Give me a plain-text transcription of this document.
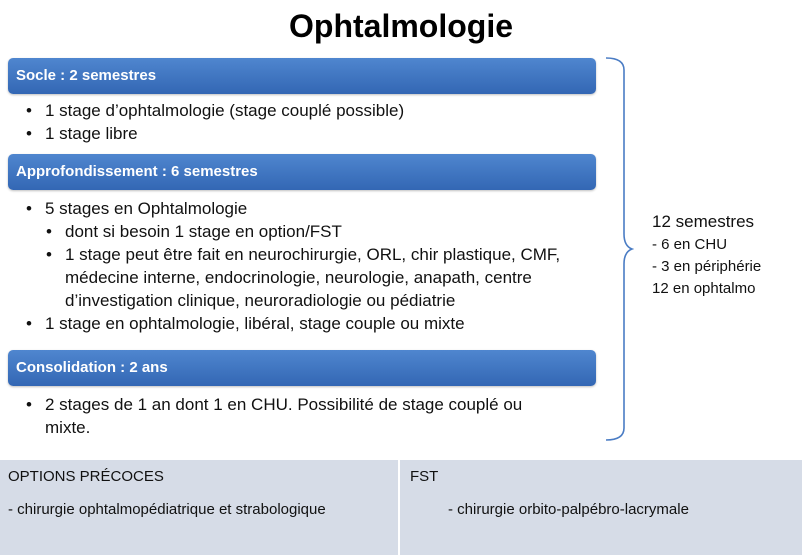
Ophtalmologie
Socle : 2 semestres
• 1 stage d’ophtalmologie (stage couplé possible)
• 1 stage libre
Approfondissement : 6 semestres
• 5 stages en Ophtalmologie
• dont si besoin 1 stage en option/FST
• 1 stage peut être fait en neurochirurgie, ORL, chir plastique, CMF, médecine interne, endocrinologie, neurologie, anapath, centre d’investigation clinique, neuroradiologie ou pédiatrie
• 1 stage en ophtalmologie, libéral, stage couple ou mixte
Consolidation : 2 ans
• 2 stages de 1 an dont 1 en CHU. Possibilité de stage couplé ou mixte.
12 semestres
- 6 en CHU
- 3 en périphérie
12 en ophtalmo
OPTIONS PRÉCOCES
- chirurgie ophtalmopédiatrique et strabologique
FST
- chirurgie orbito-palpébro-lacrymale
